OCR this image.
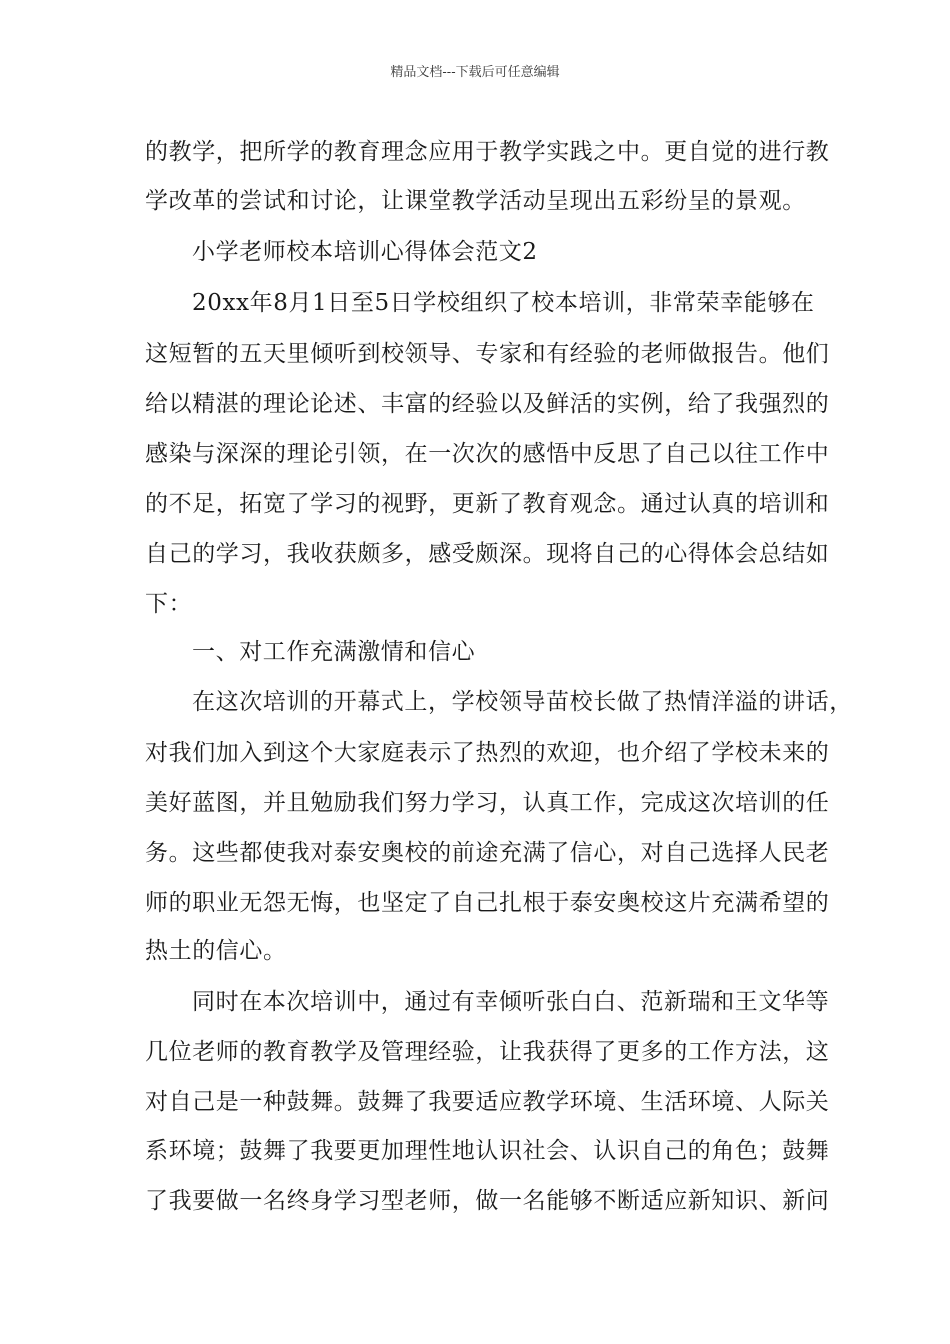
精品文档---下载后可任意编辑
的教学，把所学的教育理念应用于教学实践之中。更自觉的进行教
学改革的尝试和讨论，让课堂教学活动呈现出五彩纷呈的景观。
小学老师校本培训心得体会范文2
20xx年8月1日至5日学校组织了校本培训，非常荣幸能够在
这短暂的五天里倾听到校领导、专家和有经验的老师做报告。他们
给以精湛的理论论述、丰富的经验以及鲜活的实例，给了我强烈的
感染与深深的理论引领，在一次次的感悟中反思了自己以往工作中
的不足，拓宽了学习的视野，更新了教育观念。通过认真的培训和
自己的学习，我收获颇多，感受颇深。现将自己的心得体会总结如
下：
一、对工作充满激情和信心
在这次培训的开幕式上，学校领导苗校长做了热情洋溢的讲话，
对我们加入到这个大家庭表示了热烈的欢迎，也介绍了学校未来的
美好蓝图，并且勉励我们努力学习，认真工作，完成这次培训的任
务。这些都使我对泰安奥校的前途充满了信心，对自己选择人民老
师的职业无怨无悔，也坚定了自己扎根于泰安奥校这片充满希望的
热土的信心。
同时在本次培训中，通过有幸倾听张白白、范新瑞和王文华等
几位老师的教育教学及管理经验，让我获得了更多的工作方法，这
对自己是一种鼓舞。鼓舞了我要适应教学环境、生活环境、人际关
系环境；鼓舞了我要更加理性地认识社会、认识自己的角色；鼓舞
了我要做一名终身学习型老师，做一名能够不断适应新知识、新问
